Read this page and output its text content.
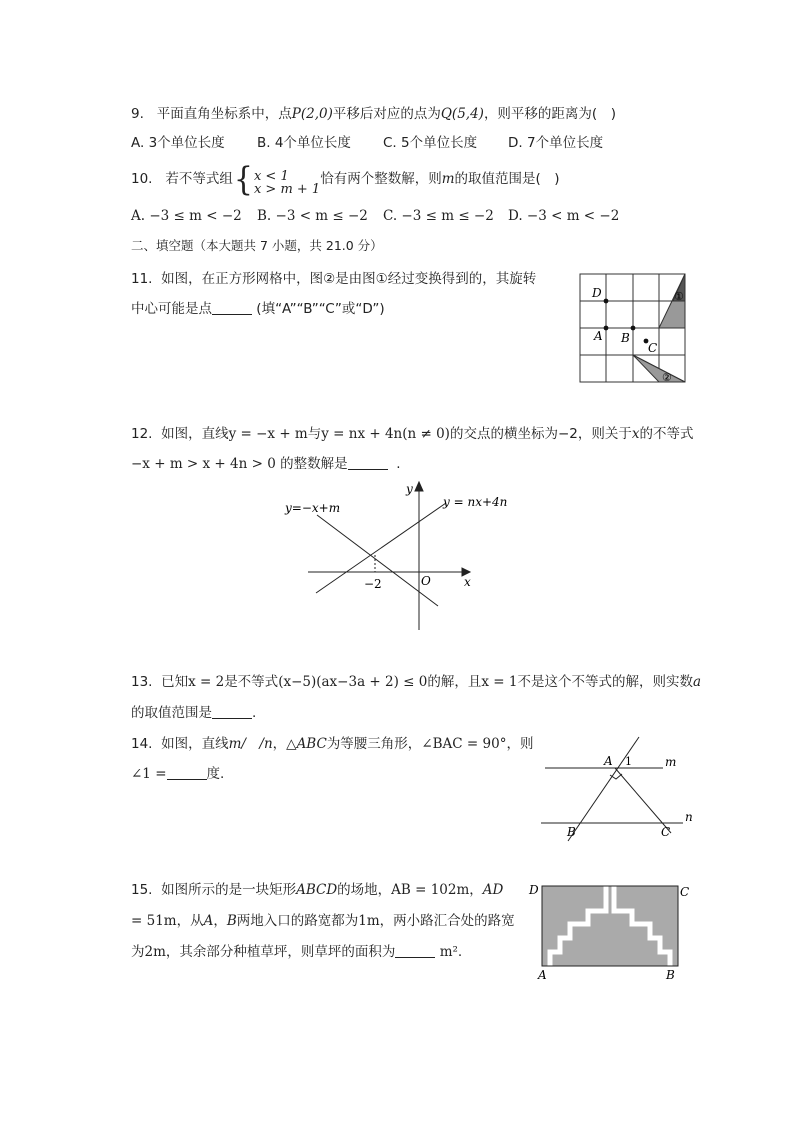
9. 平面直角坐标系中，点P(2,0)平移后对应的点为Q(5,4)，则平移的距离为(　)
A. 3个单位长度 B. 4个单位长度 C. 5个单位长度 D. 7个单位长度
10. 若不等式组{ x < 1
x > m + 1
恰有两个整数解，则m的取值范围是(　)
A. −3 ≤ m < −2 B. −3 < m ≤ −2 C. −3 ≤ m ≤ −2 D. −3 < m < −2
二、填空题（本大题共 7 小题，共 21.0 分）
11. 如图，在正方形网格中，图②是由图①经过变换得到的，其旋转
中心可能是点	(填“A”“B”“C”或“D”)
D
A B
C
①
②
12. 如图，直线y = −x + m与y = nx + 4n(n ≠ 0)的交点的横坐标为−2，则关于x的不等式
−x + m > x + 4n > 0 的整数解是	.
y
x
O
−2
y=−x+m	y = nx+4n
13. 已知x = 2是不等式(x−5)(ax−3a + 2) ≤ 0的解，且x = 1不是这个不等式的解，则实数a
的取值范围是	.
14. 如图，直线m/　/n，△ABC为等腰三角形，∠BAC = 90°，则
∠1 =	度.
A 1	m
n
B	C
15. 如图所示的是一块矩形ABCD的场地，AB = 102m，AD
= 51m，从A，B两地入口的路宽都为1m，两小路汇合处的路宽
为2m，其余部分种植草坪，则草坪的面积为	m².
D	C
A	B
